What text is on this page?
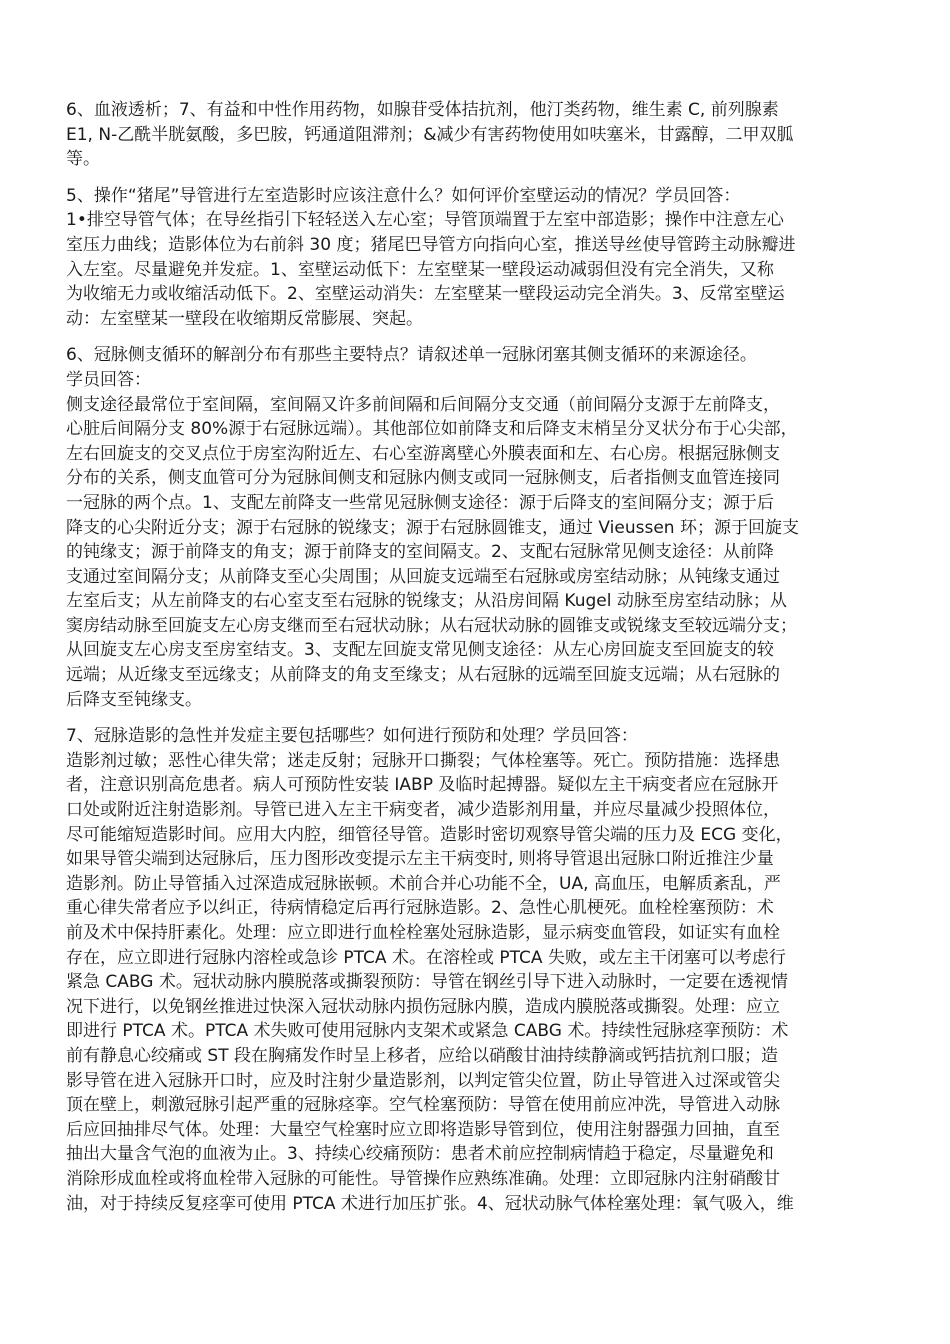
6、血液透析；7、有益和中性作用药物，如腺苷受体拮抗剂，他汀类药物，维生素 C, 前列腺素
E1, N-乙酰半胱氨酸，多巴胺，钙通道阻滞剂；&减少有害药物使用如呋塞米，甘露醇，二甲双胍
等。
5、操作“猪尾”导管进行左室造影时应该注意什么？如何评价室壁运动的情况？学员回答：
1•排空导管气体；在导丝指引下轻轻送入左心室；导管顶端置于左室中部造影；操作中注意左心
室压力曲线；造影体位为右前斜 30 度；猪尾巴导管方向指向心室，推送导丝使导管跨主动脉瓣进
入左室。尽量避免并发症。1、室壁运动低下：左室壁某一壁段运动减弱但没有完全消失，又称
为收缩无力或收缩活动低下。2、室壁运动消失：左室壁某一壁段运动完全消失。3、反常室壁运
动：左室壁某一壁段在收缩期反常膨展、突起。
6、冠脉侧支循环的解剖分布有那些主要特点？请叙述单一冠脉闭塞其侧支循环的来源途径。
学员回答：
侧支途径最常位于室间隔，室间隔又许多前间隔和后间隔分支交通（前间隔分支源于左前降支，
心脏后间隔分支 80%源于右冠脉远端）。其他部位如前降支和后降支末梢呈分叉状分布于心尖部，
左右回旋支的交叉点位于房室沟附近左、右心室游离壁心外膜表面和左、右心房。根据冠脉侧支
分布的关系，侧支血管可分为冠脉间侧支和冠脉内侧支或同一冠脉侧支，后者指侧支血管连接同
一冠脉的两个点。1、支配左前降支一些常见冠脉侧支途径：源于后降支的室间隔分支；源于后
降支的心尖附近分支；源于右冠脉的锐缘支；源于右冠脉圆锥支，通过 Vieussen 环；源于回旋支
的钝缘支；源于前降支的角支；源于前降支的室间隔支。2、支配右冠脉常见侧支途径：从前降
支通过室间隔分支；从前降支至心尖周围；从回旋支远端至右冠脉或房室结动脉；从钝缘支通过
左室后支；从左前降支的右心室支至右冠脉的锐缘支；从沿房间隔 Kugel 动脉至房室结动脉；从
窦房结动脉至回旋支左心房支继而至右冠状动脉；从右冠状动脉的圆锥支或锐缘支至较远端分支；
从回旋支左心房支至房室结支。3、支配左回旋支常见侧支途径：从左心房回旋支至回旋支的较
远端；从近缘支至远缘支；从前降支的角支至缘支；从右冠脉的远端至回旋支远端；从右冠脉的
后降支至钝缘支。
7、冠脉造影的急性并发症主要包括哪些？如何进行预防和处理？学员回答：
造影剂过敏；恶性心律失常；迷走反射；冠脉开口撕裂；气体栓塞等。死亡。预防措施：选择患
者，注意识别高危患者。病人可预防性安装 IABP 及临时起搏器。疑似左主干病变者应在冠脉开
口处或附近注射造影剂。导管已进入左主干病变者，减少造影剂用量，并应尽量减少投照体位，
尽可能缩短造影时间。应用大内腔，细管径导管。造影时密切观察导管尖端的压力及 ECG 变化，
如果导管尖端到达冠脉后，压力图形改变提示左主干病变时, 则将导管退出冠脉口附近推注少量
造影剂。防止导管插入过深造成冠脉嵌顿。术前合并心功能不全，UA, 高血压，电解质紊乱，严
重心律失常者应予以纠正，待病情稳定后再行冠脉造影。2、急性心肌梗死。血栓栓塞预防：术
前及术中保持肝素化。处理：应立即进行血栓栓塞处冠脉造影，显示病变血管段，如证实有血栓
存在，应立即进行冠脉内溶栓或急诊 PTCA 术。在溶栓或 PTCA 失败，或左主干闭塞可以考虑行
紧急 CABG 术。冠状动脉内膜脱落或撕裂预防：导管在钢丝引导下进入动脉时，一定要在透视情
况下进行，以免钢丝推进过快深入冠状动脉内损伤冠脉内膜，造成内膜脱落或撕裂。处理：应立
即进行 PTCA 术。PTCA 术失败可使用冠脉内支架术或紧急 CABG 术。持续性冠脉痉挛预防：术
前有静息心绞痛或 ST 段在胸痛发作时呈上移者，应给以硝酸甘油持续静滴或钙拮抗剂口服；造
影导管在进入冠脉开口时，应及时注射少量造影剂，以判定管尖位置，防止导管进入过深或管尖
顶在壁上，刺激冠脉引起严重的冠脉痉挛。空气栓塞预防：导管在使用前应冲洗，导管进入动脉
后应回抽排尽气体。处理：大量空气栓塞时应立即将造影导管到位，使用注射器强力回抽，直至
抽出大量含气泡的血液为止。3、持续心绞痛预防：患者术前应控制病情趋于稳定，尽量避免和
消除形成血栓或将血栓带入冠脉的可能性。导管操作应熟练准确。处理：立即冠脉内注射硝酸甘
油，对于持续反复痉挛可使用 PTCA 术进行加压扩张。4、冠状动脉气体栓塞处理：氧气吸入，维
